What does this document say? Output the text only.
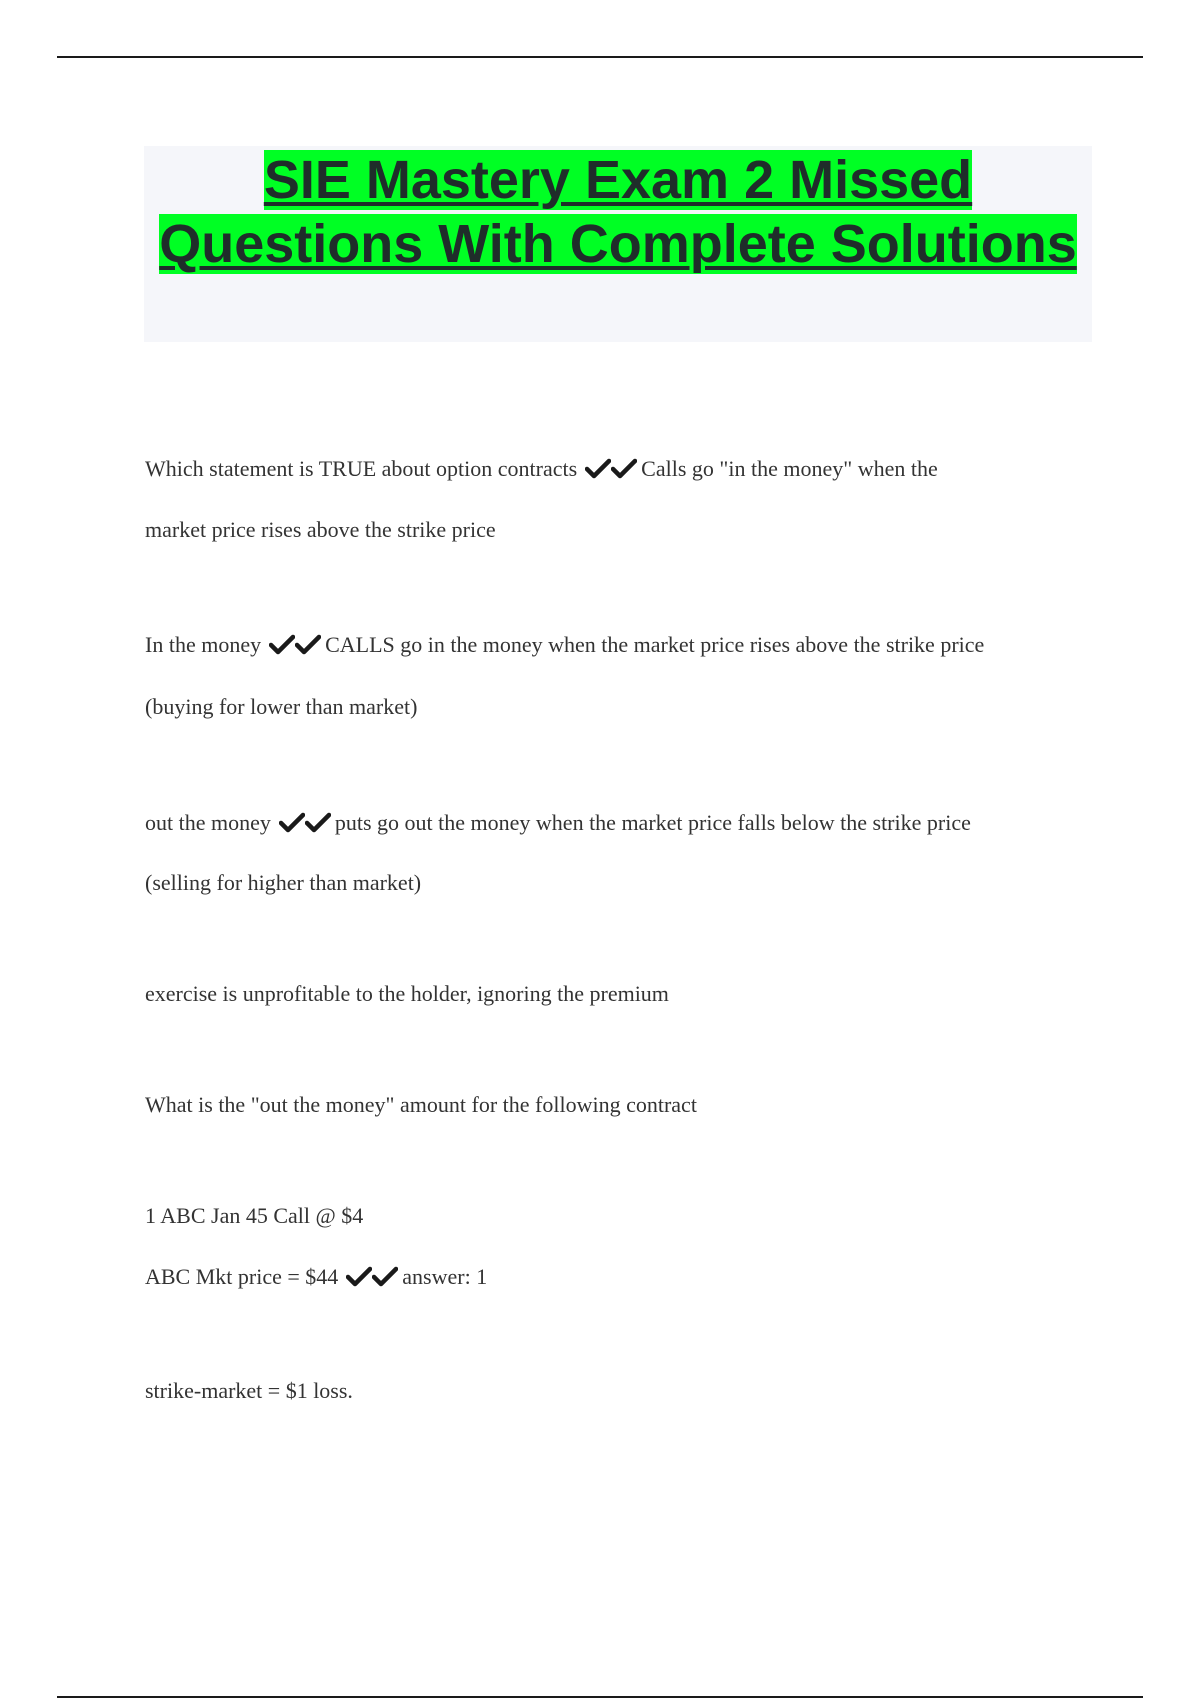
SIE Mastery Exam 2 Missed Questions With Complete Solutions
Which statement is TRUE about option contracts	Calls go "in the money" when the
market price rises above the strike price
In the money	CALLS go in the money when the market price rises above the strike price
(buying for lower than market)
out the money	puts go out the money when the market price falls below the strike price
(selling for higher than market)
exercise is unprofitable to the holder, ignoring the premium
What is the "out the money" amount for the following contract
1 ABC Jan 45 Call @ $4
ABC Mkt price = $44	answer: 1
strike-market = $1 loss.
